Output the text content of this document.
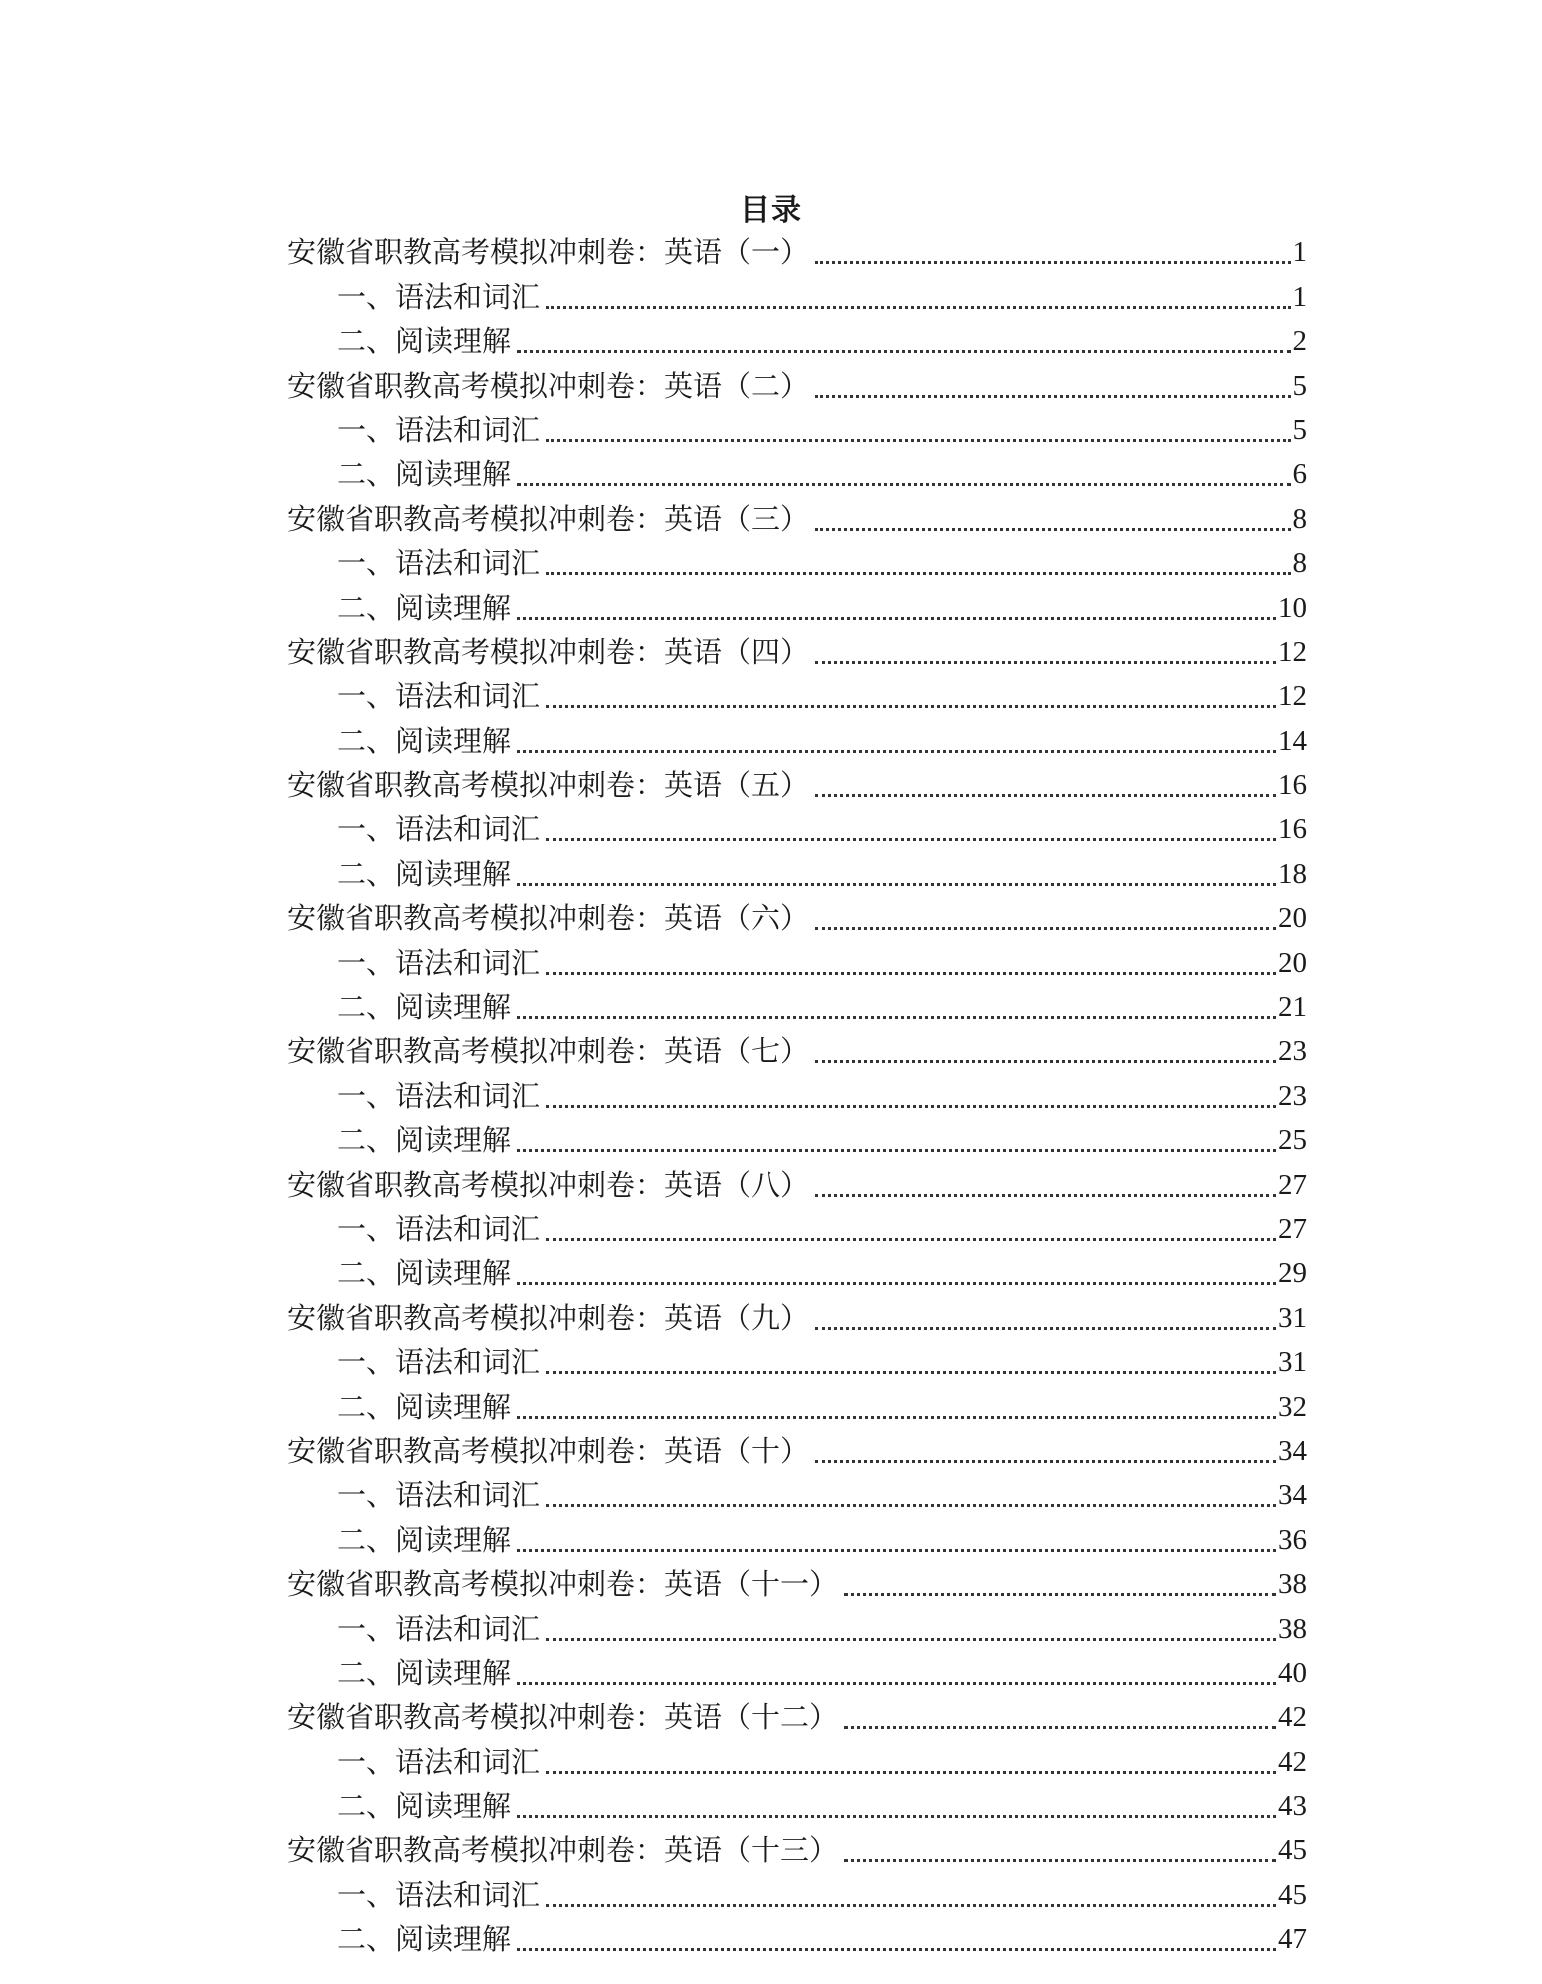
目录
安徽省职教高考模拟冲刺卷：英语（一）	1
一、语法和词汇	1
二、阅读理解	2
安徽省职教高考模拟冲刺卷：英语（二）	5
一、语法和词汇	5
二、阅读理解	6
安徽省职教高考模拟冲刺卷：英语（三）	8
一、语法和词汇	8
二、阅读理解	10
安徽省职教高考模拟冲刺卷：英语（四）	12
一、语法和词汇	12
二、阅读理解	14
安徽省职教高考模拟冲刺卷：英语（五）	16
一、语法和词汇	16
二、阅读理解	18
安徽省职教高考模拟冲刺卷：英语（六）	20
一、语法和词汇	20
二、阅读理解	21
安徽省职教高考模拟冲刺卷：英语（七）	23
一、语法和词汇	23
二、阅读理解	25
安徽省职教高考模拟冲刺卷：英语（八）	27
一、语法和词汇	27
二、阅读理解	29
安徽省职教高考模拟冲刺卷：英语（九）	31
一、语法和词汇	31
二、阅读理解	32
安徽省职教高考模拟冲刺卷：英语（十）	34
一、语法和词汇	34
二、阅读理解	36
安徽省职教高考模拟冲刺卷：英语（十一）	38
一、语法和词汇	38
二、阅读理解	40
安徽省职教高考模拟冲刺卷：英语（十二）	42
一、语法和词汇	42
二、阅读理解	43
安徽省职教高考模拟冲刺卷：英语（十三）	45
一、语法和词汇	45
二、阅读理解	47
